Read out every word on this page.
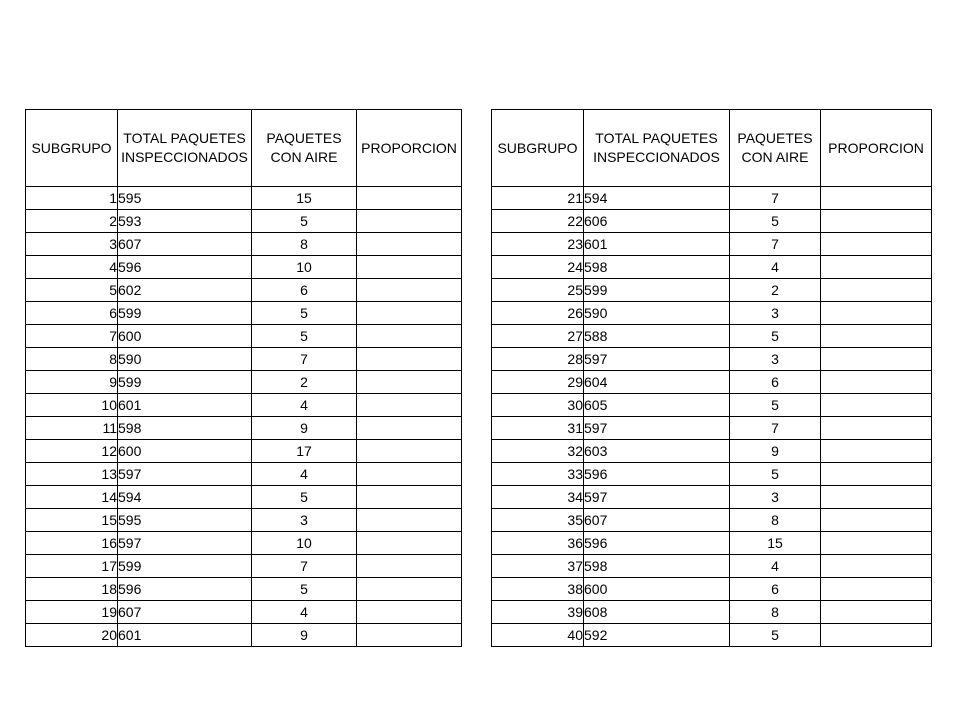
SUBGRUPO	TOTAL PAQUETES INSPECCIONADOS	PAQUETES CON AIRE	PROPORCION
1	595	15	
2	593	5	
3	607	8	
4	596	10	
5	602	6	
6	599	5	
7	600	5	
8	590	7	
9	599	2	
10	601	4	
11	598	9	
12	600	17	
13	597	4	
14	594	5	
15	595	3	
16	597	10	
17	599	7	
18	596	5	
19	607	4	
20	601	9	
SUBGRUPO	TOTAL PAQUETES INSPECCIONADOS	PAQUETES CON AIRE	PROPORCION
21	594	7	
22	606	5	
23	601	7	
24	598	4	
25	599	2	
26	590	3	
27	588	5	
28	597	3	
29	604	6	
30	605	5	
31	597	7	
32	603	9	
33	596	5	
34	597	3	
35	607	8	
36	596	15	
37	598	4	
38	600	6	
39	608	8	
40	592	5	
